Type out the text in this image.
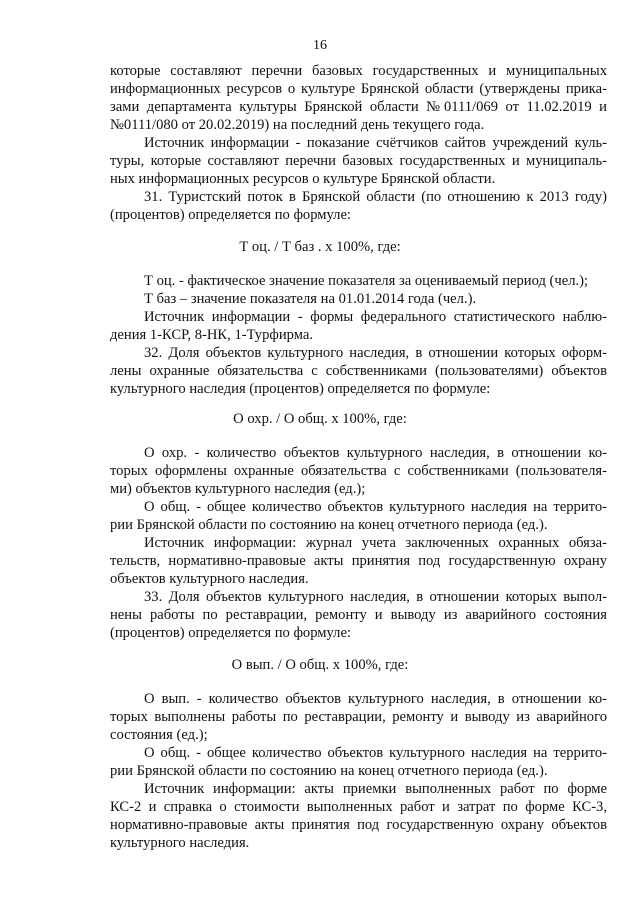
16
которые составляют перечни базовых государственных и муниципальных
информационных ресурсов о культуре Брянской области (утверждены прика-
зами департамента культуры Брянской области №0111/069 от 11.02.2019 и
№0111/080 от 20.02.2019) на последний день текущего года.
Источник информации - показание счётчиков сайтов учреждений куль-
туры, которые составляют перечни базовых государственных и муниципаль-
ных информационных ресурсов о культуре Брянской области.
31. Туристский поток в Брянской области (по отношению к 2013 году)
(процентов) определяется по формуле:
Т оц. / Т баз . х 100%, где:
Т оц. - фактическое значение показателя за оцениваемый период (чел.);
Т баз – значение показателя на 01.01.2014 года (чел.).
Источник информации - формы федерального статистического наблю-
дения 1-КСР, 8-НК, 1-Турфирма.
32. Доля объектов культурного наследия, в отношении которых оформ-
лены охранные обязательства с собственниками (пользователями) объектов
культурного наследия (процентов) определяется по формуле:
О охр. / О общ. х 100%, где:
О охр. - количество объектов культурного наследия, в отношении ко-
торых оформлены охранные обязательства с собственниками (пользователя-
ми) объектов культурного наследия (ед.);
О общ. - общее количество объектов культурного наследия на террито-
рии Брянской области по состоянию на конец отчетного периода (ед.).
Источник информации: журнал учета заключенных охранных обяза-
тельств, нормативно-правовые акты принятия под государственную охрану
объектов культурного наследия.
33. Доля объектов культурного наследия, в отношении которых выпол-
нены работы по реставрации, ремонту и выводу из аварийного состояния
(процентов) определяется по формуле:
О вып. / О общ. х 100%, где:
О вып. - количество объектов культурного наследия, в отношении ко-
торых выполнены работы по реставрации, ремонту и выводу из аварийного
состояния (ед.);
О общ. - общее количество объектов культурного наследия на террито-
рии Брянской области по состоянию на конец отчетного периода (ед.).
Источник информации: акты приемки выполненных работ по форме
КС-2 и справка о стоимости выполненных работ и затрат по форме КС-3,
нормативно-правовые акты принятия под государственную охрану объектов
культурного наследия.
